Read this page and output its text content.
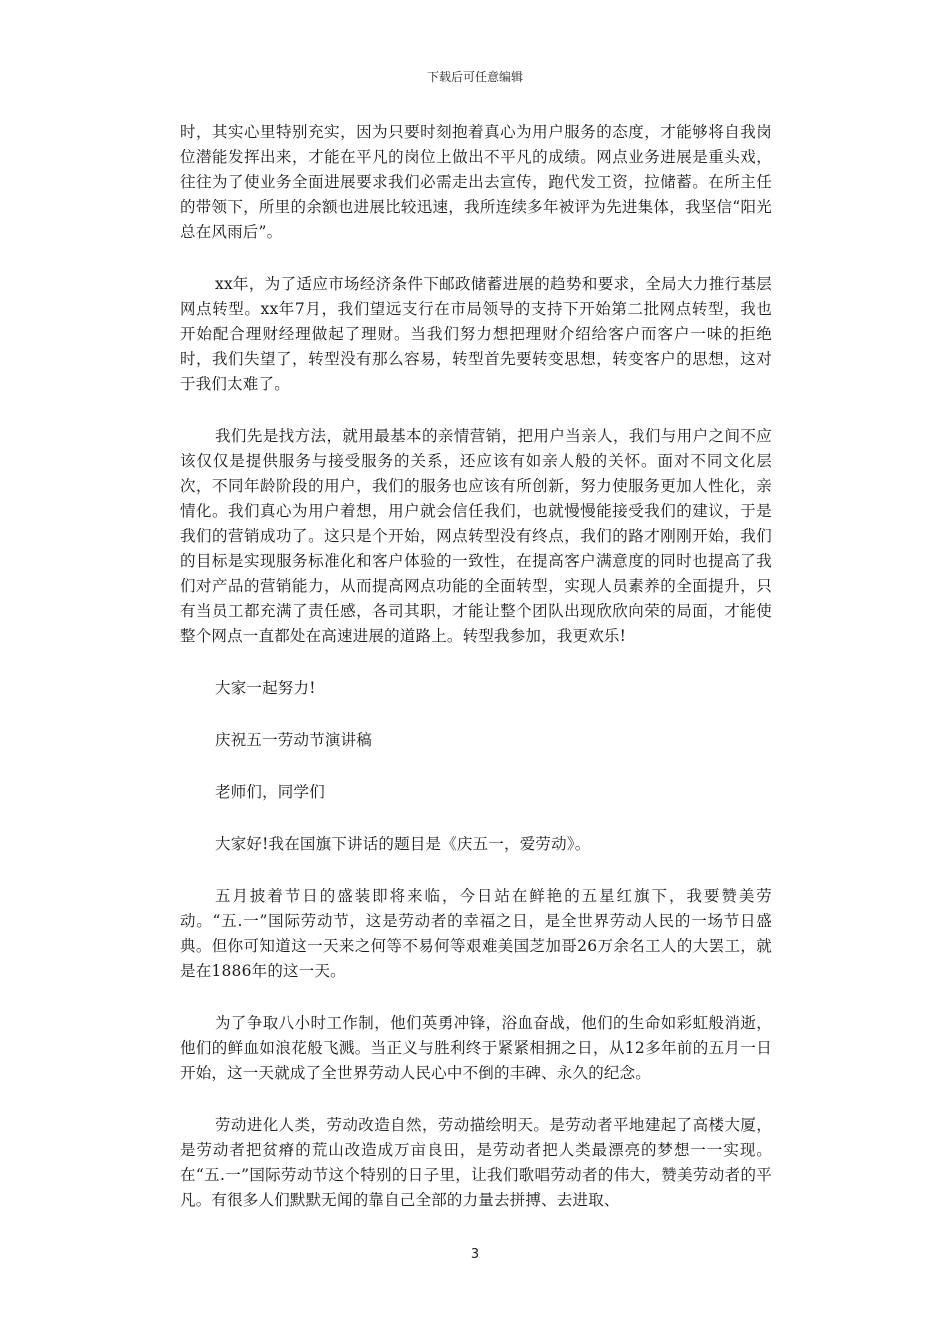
下载后可任意编辑

时，其实心里特别充实，因为只要时刻抱着真心为用户服务的态度，才能够将自我岗位潜能发挥出来，才能在平凡的岗位上做出不平凡的成绩。网点业务进展是重头戏，往往为了使业务全面进展要求我们必需走出去宣传，跑代发工资，拉储蓄。在所主任的带领下，所里的余额也进展比较迅速，我所连续多年被评为先进集体，我坚信“阳光总在风雨后”。

xx年，为了适应市场经济条件下邮政储蓄进展的趋势和要求，全局大力推行基层网点转型。xx年7月，我们望远支行在市局领导的支持下开始第二批网点转型，我也开始配合理财经理做起了理财。当我们努力想把理财介绍给客户而客户一味的拒绝时，我们失望了，转型没有那么容易，转型首先要转变思想，转变客户的思想，这对于我们太难了。

我们先是找方法，就用最基本的亲情营销，把用户当亲人，我们与用户之间不应该仅仅是提供服务与接受服务的关系，还应该有如亲人般的关怀。面对不同文化层次，不同年龄阶段的用户，我们的服务也应该有所创新，努力使服务更加人性化，亲情化。我们真心为用户着想，用户就会信任我们，也就慢慢能接受我们的建议，于是我们的营销成功了。这只是个开始，网点转型没有终点，我们的路才刚刚开始，我们的目标是实现服务标准化和客户体验的一致性，在提高客户满意度的同时也提高了我们对产品的营销能力，从而提高网点功能的全面转型，实现人员素养的全面提升，只有当员工都充满了责任感，各司其职，才能让整个团队出现欣欣向荣的局面，才能使整个网点一直都处在高速进展的道路上。转型我参加，我更欢乐!

大家一起努力!

庆祝五一劳动节演讲稿

老师们，同学们

大家好!我在国旗下讲话的题目是《庆五一，爱劳动》。

五月披着节日的盛装即将来临，今日站在鲜艳的五星红旗下，我要赞美劳动。“五.一”国际劳动节，这是劳动者的幸福之日，是全世界劳动人民的一场节日盛典。但你可知道这一天来之何等不易何等艰难美国芝加哥26万余名工人的大罢工，就是在1886年的这一天。

为了争取八小时工作制，他们英勇冲锋，浴血奋战，他们的生命如彩虹般消逝，他们的鲜血如浪花般飞溅。当正义与胜利终于紧紧相拥之日，从12多年前的五月一日开始，这一天就成了全世界劳动人民心中不倒的丰碑、永久的纪念。

劳动进化人类，劳动改造自然，劳动描绘明天。是劳动者平地建起了高楼大厦，是劳动者把贫瘠的荒山改造成万亩良田，是劳动者把人类最漂亮的梦想一一实现。在“五.一”国际劳动节这个特别的日子里，让我们歌唱劳动者的伟大，赞美劳动者的平凡。有很多人们默默无闻的靠自己全部的力量去拼搏、去进取、

3
